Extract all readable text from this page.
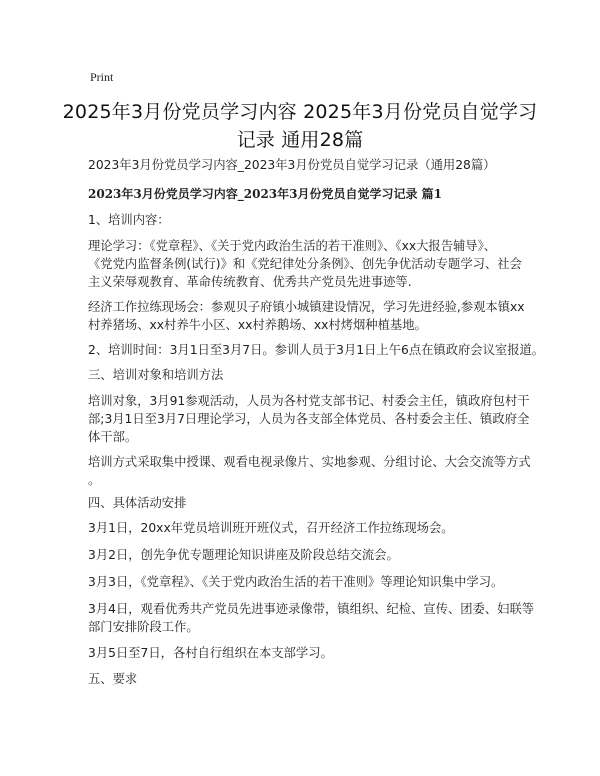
Print
2025年3月份党员学习内容 2025年3月份党员自觉学习
记录 通用28篇
2023年3月份党员学习内容_2023年3月份党员自觉学习记录（通用28篇）
2023年3月份党员学习内容_2023年3月份党员自觉学习记录 篇1
1、培训内容：
理论学习：《党章程》、《关于党内政治生活的若干准则》、《xx大报告辅导》、
《党党内监督条例(试行)》和《党纪律处分条例》、创先争优活动专题学习、社会
主义荣辱观教育、革命传统教育、优秀共产党员先进事迹等.
经济工作拉练现场会：参观贝子府镇小城镇建设情况，学习先进经验,参观本镇xx
村养猪场、xx村养牛小区、xx村养鹅场、xx村烤烟种植基地。
2、培训时间：3月1日至3月7日。参训人员于3月1日上午6点在镇政府会议室报道。
三、培训对象和培训方法
培训对象，3月91参观活动，人员为各村党支部书记、村委会主任，镇政府包村干
部;3月1日至3月7日理论学习，人员为各支部全体党员、各村委会主任、镇政府全
体干部。
培训方式采取集中授课、观看电视录像片、实地参观、分组讨论、大会交流等方式
。
四、具体活动安排
3月1日，20xx年党员培训班开班仪式，召开经济工作拉练现场会。
3月2日，创先争优专题理论知识讲座及阶段总结交流会。
3月3日，《党章程》、《关于党内政治生活的若干准则》等理论知识集中学习。
3月4日，观看优秀共产党员先进事迹录像带，镇组织、纪检、宣传、团委、妇联等
部门安排阶段工作。
3月5日至7日，各村自行组织在本支部学习。
五、要求
